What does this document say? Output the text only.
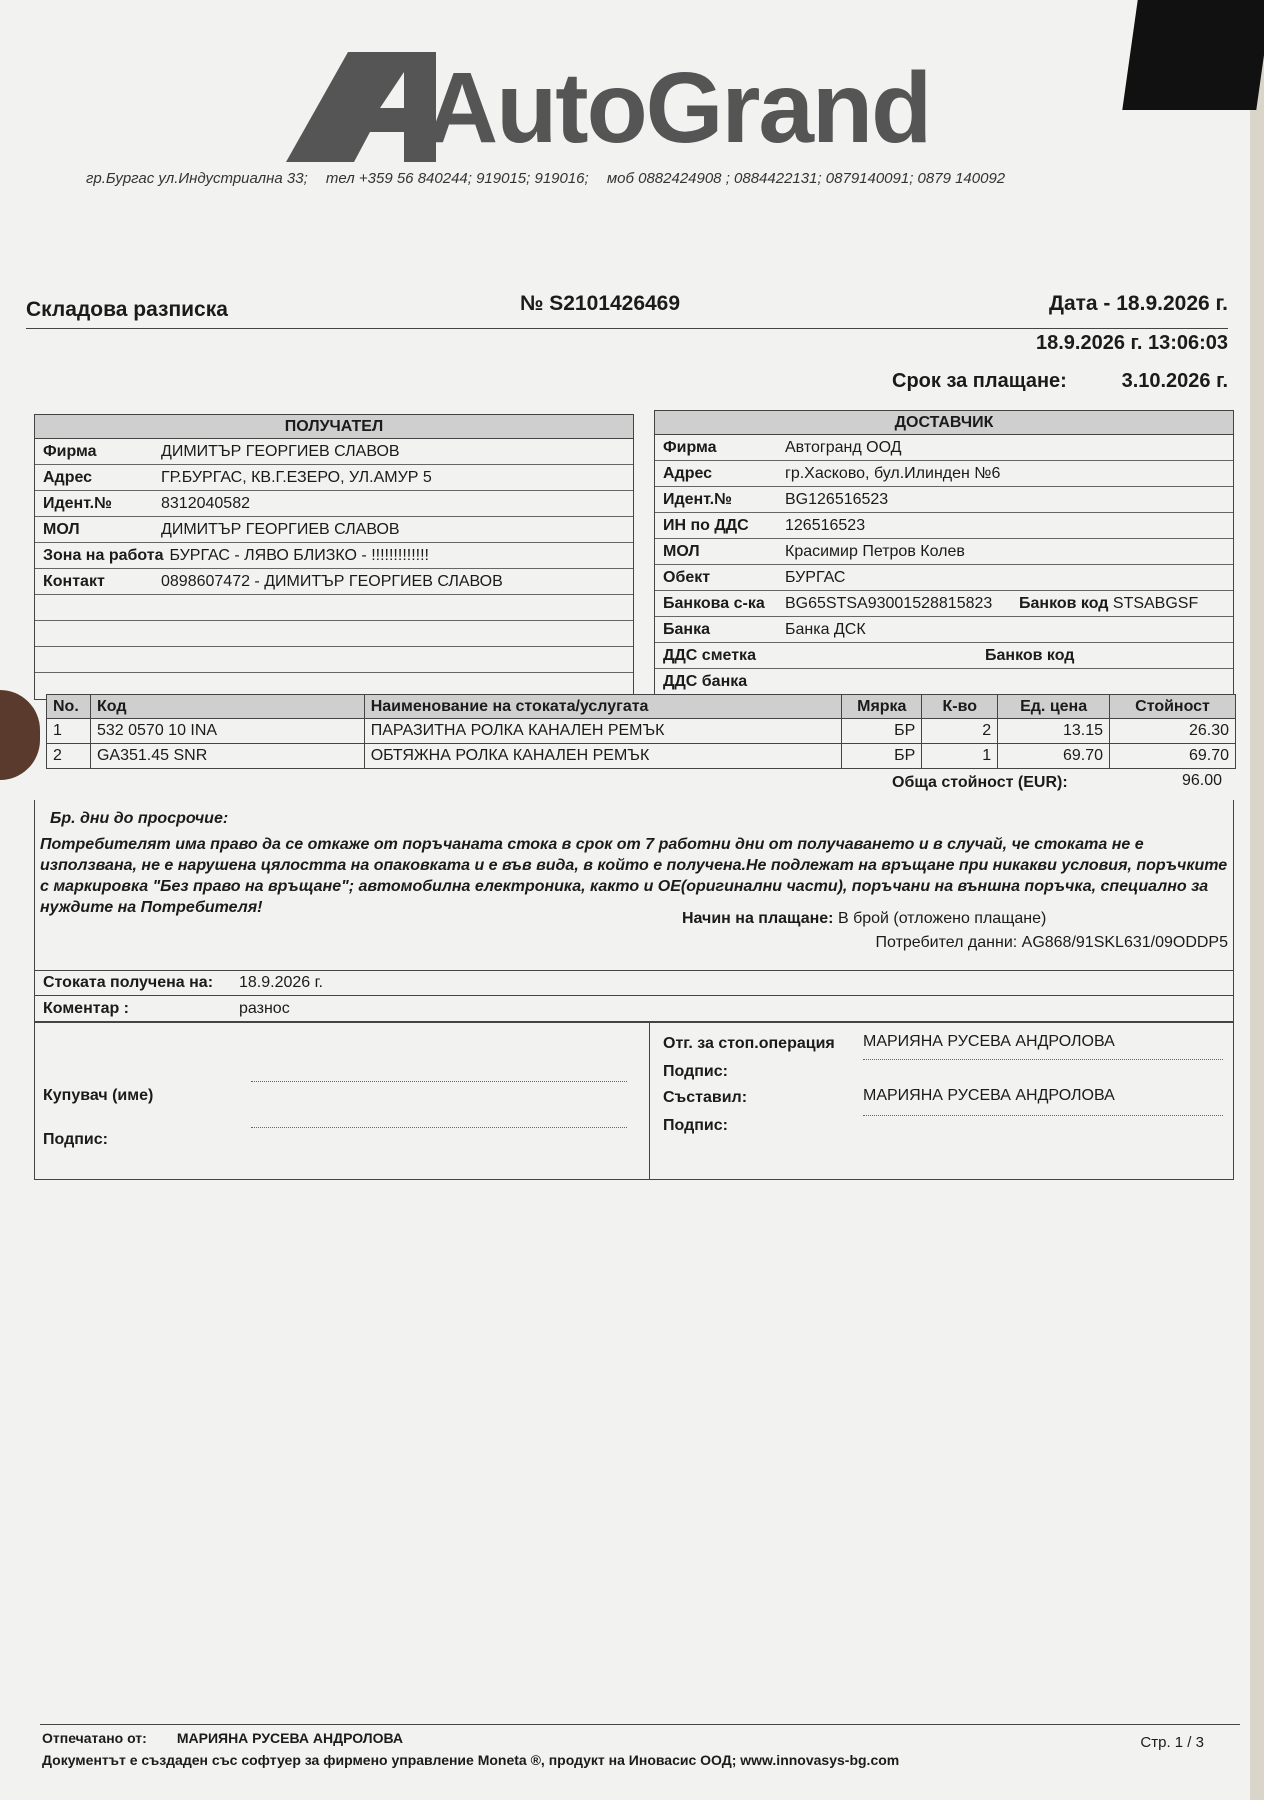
AutoGrand
гр.Бургас ул.Индустриална 33; тел +359 56 840244; 919015; 919016; моб 0882424908 ; 0884422131; 0879140091; 0879 140092
Складова разписка	№ S2101426469	Дата - 18.9.2026 г.
18.9.2026 г. 13:06:03
Срок за плащане:	3.10.2026 г.
ПОЛУЧАТЕЛ
Фирма	ДИМИТЪР ГЕОРГИЕВ СЛАВОВ
Адрес	ГР.БУРГАС, КВ.Г.ЕЗЕРО, УЛ.АМУР 5
Идент.№	8312040582
МОЛ	ДИМИТЪР ГЕОРГИЕВ СЛАВОВ
Зона на работа БУРГАС - ЛЯВО БЛИЗКО - !!!!!!!!!!!!!
Контакт	0898607472 - ДИМИТЪР ГЕОРГИЕВ СЛАВОВ
ДОСТАВЧИК
Фирма	Автогранд ООД
Адрес	гр.Хасково, бул.Илинден №6
Идент.№	BG126516523
ИН по ДДС	126516523
МОЛ	Красимир Петров Колев
Обект	БУРГАС
Банкова с-ка	BG65STSA93001528815823 Банков код STSABGSF
Банка	Банка ДСК
ДДС сметка	Банков код
ДДС банка
No.	Код	Наименование на стоката/услугата	Мярка	К-во	Ед. цена	Стойност
1	532 0570 10 INA	ПАРАЗИТНА РОЛКА КАНАЛЕН РЕМЪК	БР	2	13.15	26.30
2	GA351.45 SNR	ОБТЯЖНА РОЛКА КАНАЛЕН РЕМЪК	БР	1	69.70	69.70
Обща стойност (EUR):	96.00
Бр. дни до просрочие:
Потребителят има право да се откаже от поръчаната стока в срок от 7 работни дни от получаването и в случай, че стоката не е използвана, не е нарушена цялостта на опаковката и е във вида, в който е получена.Не подлежат на връщане при никакви условия, поръчките с маркировка "Без право на връщане"; автомобилна електроника, както и ОЕ(оригинални части), поръчани на външна поръчка, специално за нуждите на Потребителя!
Начин на плащане: В брой (отложено плащане)
Потребител данни: AG868/91SKL631/09ODDP5
Стоката получена на:	18.9.2026 г.
Коментар :	разнос
Купувач (име)
Подпис:
Отг. за стоп.операция МАРИЯНА РУСЕВА АНДРОЛОВА
Подпис:
Съставил:	МАРИЯНА РУСЕВА АНДРОЛОВА
Подпис:
Отпечатано от: МАРИЯНА РУСЕВА АНДРОЛОВА	Стр. 1 / 3
Документът е създаден със софтуер за фирмено управление Moneta ®, продукт на Иновасис ООД; www.innovasys-bg.com
